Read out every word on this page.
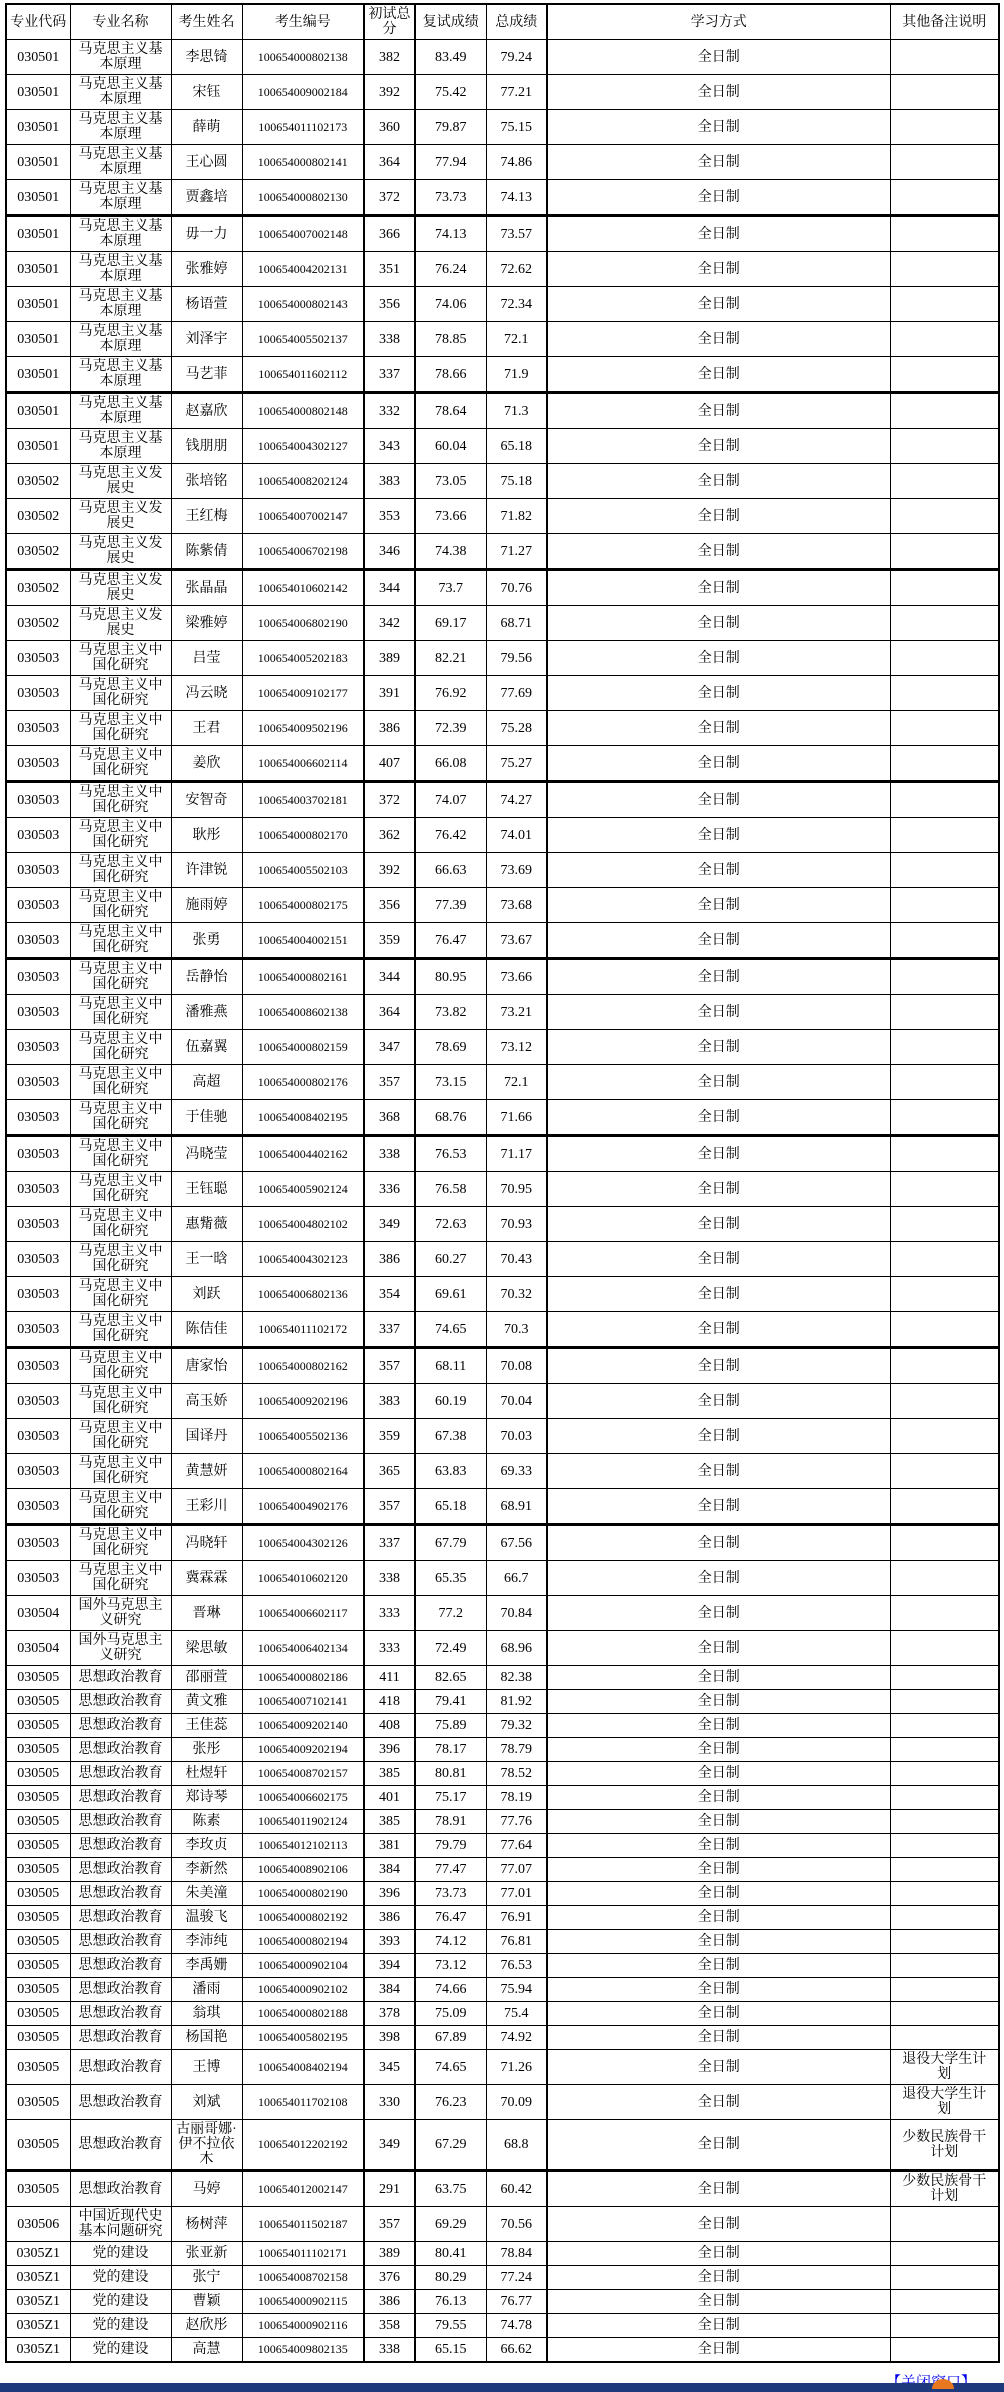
专业代码	专业名称	考生姓名	考生编号	初试总分	复试成绩	总成绩	学习方式	其他备注说明
030501	马克思主义基本原理	李思锜	100654000802138	382	83.49	79.24	全日制	
030501	马克思主义基本原理	宋钰	100654009002184	392	75.42	77.21	全日制	
030501	马克思主义基本原理	薛萌	100654011102173	360	79.87	75.15	全日制	
030501	马克思主义基本原理	王心圆	100654000802141	364	77.94	74.86	全日制	
030501	马克思主义基本原理	贾鑫培	100654000802130	372	73.73	74.13	全日制	
030501	马克思主义基本原理	毋一力	100654007002148	366	74.13	73.57	全日制	
030501	马克思主义基本原理	张雅婷	100654004202131	351	76.24	72.62	全日制	
030501	马克思主义基本原理	杨语萱	100654000802143	356	74.06	72.34	全日制	
030501	马克思主义基本原理	刘泽宇	100654005502137	338	78.85	72.1	全日制	
030501	马克思主义基本原理	马艺菲	100654011602112	337	78.66	71.9	全日制	
030501	马克思主义基本原理	赵嘉欣	100654000802148	332	78.64	71.3	全日制	
030501	马克思主义基本原理	钱朋朋	100654004302127	343	60.04	65.18	全日制	
030502	马克思主义发展史	张培铭	100654008202124	383	73.05	75.18	全日制	
030502	马克思主义发展史	王红梅	100654007002147	353	73.66	71.82	全日制	
030502	马克思主义发展史	陈紫倩	100654006702198	346	74.38	71.27	全日制	
030502	马克思主义发展史	张晶晶	100654010602142	344	73.7	70.76	全日制	
030502	马克思主义发展史	梁雅婷	100654006802190	342	69.17	68.71	全日制	
030503	马克思主义中国化研究	吕莹	100654005202183	389	82.21	79.56	全日制	
030503	马克思主义中国化研究	冯云晓	100654009102177	391	76.92	77.69	全日制	
030503	马克思主义中国化研究	王君	100654009502196	386	72.39	75.28	全日制	
030503	马克思主义中国化研究	姜欣	100654006602114	407	66.08	75.27	全日制	
030503	马克思主义中国化研究	安智奇	100654003702181	372	74.07	74.27	全日制	
030503	马克思主义中国化研究	耿彤	100654000802170	362	76.42	74.01	全日制	
030503	马克思主义中国化研究	许津锐	100654005502103	392	66.63	73.69	全日制	
030503	马克思主义中国化研究	施雨婷	100654000802175	356	77.39	73.68	全日制	
030503	马克思主义中国化研究	张勇	100654004002151	359	76.47	73.67	全日制	
030503	马克思主义中国化研究	岳静怡	100654000802161	344	80.95	73.66	全日制	
030503	马克思主义中国化研究	潘雅燕	100654008602138	364	73.82	73.21	全日制	
030503	马克思主义中国化研究	伍嘉翼	100654000802159	347	78.69	73.12	全日制	
030503	马克思主义中国化研究	高超	100654000802176	357	73.15	72.1	全日制	
030503	马克思主义中国化研究	于佳驰	100654008402195	368	68.76	71.66	全日制	
030503	马克思主义中国化研究	冯晓莹	100654004402162	338	76.53	71.17	全日制	
030503	马克思主义中国化研究	王钰聪	100654005902124	336	76.58	70.95	全日制	
030503	马克思主义中国化研究	惠觜薇	100654004802102	349	72.63	70.93	全日制	
030503	马克思主义中国化研究	王一晗	100654004302123	386	60.27	70.43	全日制	
030503	马克思主义中国化研究	刘跃	100654006802136	354	69.61	70.32	全日制	
030503	马克思主义中国化研究	陈佶佳	100654011102172	337	74.65	70.3	全日制	
030503	马克思主义中国化研究	唐家怡	100654000802162	357	68.11	70.08	全日制	
030503	马克思主义中国化研究	高玉娇	100654009202196	383	60.19	70.04	全日制	
030503	马克思主义中国化研究	国译丹	100654005502136	359	67.38	70.03	全日制	
030503	马克思主义中国化研究	黄慧妍	100654000802164	365	63.83	69.33	全日制	
030503	马克思主义中国化研究	王彩川	100654004902176	357	65.18	68.91	全日制	
030503	马克思主义中国化研究	冯晓轩	100654004302126	337	67.79	67.56	全日制	
030503	马克思主义中国化研究	冀霖霖	100654010602120	338	65.35	66.7	全日制	
030504	国外马克思主义研究	晋琳	100654006602117	333	77.2	70.84	全日制	
030504	国外马克思主义研究	梁思敏	100654006402134	333	72.49	68.96	全日制	
030505	思想政治教育	邵丽萱	100654000802186	411	82.65	82.38	全日制	
030505	思想政治教育	黄文雅	100654007102141	418	79.41	81.92	全日制	
030505	思想政治教育	王佳蕊	100654009202140	408	75.89	79.32	全日制	
030505	思想政治教育	张彤	100654009202194	396	78.17	78.79	全日制	
030505	思想政治教育	杜煜轩	100654008702157	385	80.81	78.52	全日制	
030505	思想政治教育	郑诗琴	100654006602175	401	75.17	78.19	全日制	
030505	思想政治教育	陈素	100654011902124	385	78.91	77.76	全日制	
030505	思想政治教育	李玫贞	100654012102113	381	79.79	77.64	全日制	
030505	思想政治教育	李新然	100654008902106	384	77.47	77.07	全日制	
030505	思想政治教育	朱美潼	100654000802190	396	73.73	77.01	全日制	
030505	思想政治教育	温骏飞	100654000802192	386	76.47	76.91	全日制	
030505	思想政治教育	李沛纯	100654000802194	393	74.12	76.81	全日制	
030505	思想政治教育	李禹姗	100654000902104	394	73.12	76.53	全日制	
030505	思想政治教育	潘雨	100654000902102	384	74.66	75.94	全日制	
030505	思想政治教育	翁琪	100654000802188	378	75.09	75.4	全日制	
030505	思想政治教育	杨国艳	100654005802195	398	67.89	74.92	全日制	
030505	思想政治教育	王博	100654008402194	345	74.65	71.26	全日制	退役大学生计划
030505	思想政治教育	刘斌	100654011702108	330	76.23	70.09	全日制	退役大学生计划
030505	思想政治教育	古丽哥娜·伊不拉依木	100654012202192	349	67.29	68.8	全日制	少数民族骨干计划
030505	思想政治教育	马婷	100654012002147	291	63.75	60.42	全日制	少数民族骨干计划
030506	中国近现代史基本问题研究	杨树萍	100654011502187	357	69.29	70.56	全日制	
0305Z1	党的建设	张亚新	100654011102171	389	80.41	78.84	全日制	
0305Z1	党的建设	张宁	100654008702158	376	80.29	77.24	全日制	
0305Z1	党的建设	曹颖	100654000902115	386	76.13	76.77	全日制	
0305Z1	党的建设	赵欣彤	100654000902116	358	79.55	74.78	全日制	
0305Z1	党的建设	高慧	100654009802135	338	65.15	66.62	全日制	
